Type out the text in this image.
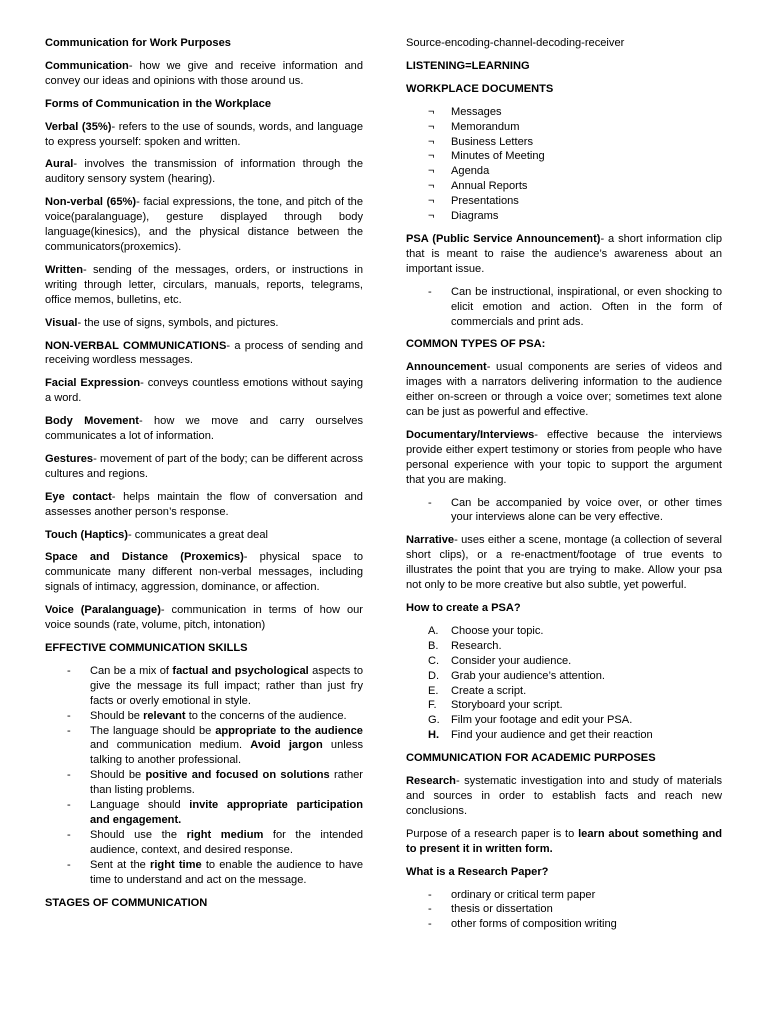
Communication for Work Purposes

Communication- how we give and receive information and convey our ideas and opinions with those around us.

Forms of Communication in the Workplace

Verbal (35%)- refers to the use of sounds, words, and language to express yourself: spoken and written.

Aural- involves the transmission of information through the auditory sensory system (hearing).

Non-verbal (65%)- facial expressions, the tone, and pitch of the voice(paralanguage), gesture displayed through body language(kinesics), and the physical distance between the communicators(proxemics).

Written- sending of the messages, orders, or instructions in writing through letter, circulars, manuals, reports, telegrams, office memos, bulletins, etc.

Visual- the use of signs, symbols, and pictures.

NON-VERBAL COMMUNICATIONS- a process of sending and receiving wordless messages.

Facial Expression- conveys countless emotions without saying a word.

Body Movement- how we move and carry ourselves communicates a lot of information.

Gestures- movement of part of the body; can be different across cultures and regions.

Eye contact- helps maintain the flow of conversation and assesses another person’s response.

Touch (Haptics)- communicates a great deal

Space and Distance (Proxemics)- physical space to communicate many different non-verbal messages, including signals of intimacy, aggression, dominance, or affection.

Voice (Paralanguage)- communication in terms of how our voice sounds (rate, volume, pitch, intonation)

EFFECTIVE COMMUNICATION SKILLS
- Can be a mix of factual and psychological aspects to give the message its full impact; rather than just fry facts or overly emotional in style.
- Should be relevant to the concerns of the audience.
- The language should be appropriate to the audience and communication medium. Avoid jargon unless talking to another professional.
- Should be positive and focused on solutions rather than listing problems.
- Language should invite appropriate participation and engagement.
- Should use the right medium for the intended audience, context, and desired response.
- Sent at the right time to enable the audience to have time to understand and act on the message.
STAGES OF COMMUNICATION

Source-encoding-channel-decoding-receiver

LISTENING=LEARNING
WORKPLACE DOCUMENTS
¬ Messages
¬ Memorandum
¬ Business Letters
¬ Minutes of Meeting
¬ Agenda
¬ Annual Reports
¬ Presentations
¬ Diagrams

PSA (Public Service Announcement)- a short information clip that is meant to raise the audience’s awareness about an important issue.

- Can be instructional, inspirational, or even shocking to elicit emotion and action. Often in the form of commercials and print ads.
COMMON TYPES OF PSA:

Announcement- usual components are series of videos and images with a narrators delivering information to the audience either on-screen or through a voice over; sometimes text alone can be just as powerful and effective.

Documentary/Interviews- effective because the interviews provide either expert testimony or stories from people who have personal experience with your topic to support the argument that you are making.

- Can be accompanied by voice over, or other times your interviews alone can be very effective.

Narrative- uses either a scene, montage (a collection of several short clips), or a re-enactment/footage of true events to illustrates the point that you are trying to make. Allow your psa not only to be more creative but also subtle, yet powerful.

How to create a PSA?
A. Choose your topic.
B. Research.
C. Consider your audience.
D. Grab your audience’s attention.
E. Create a script.
F. Storyboard your script.
G. Film your footage and edit your PSA.
H. Find your audience and get their reaction
COMMUNICATION FOR ACADEMIC PURPOSES

Research- systematic investigation into and study of materials and sources in order to establish facts and reach new conclusions.

Purpose of a research paper is to learn about something and to present it in written form.

What is a Research Paper?
- ordinary or critical term paper
- thesis or dissertation
- other forms of composition writing
